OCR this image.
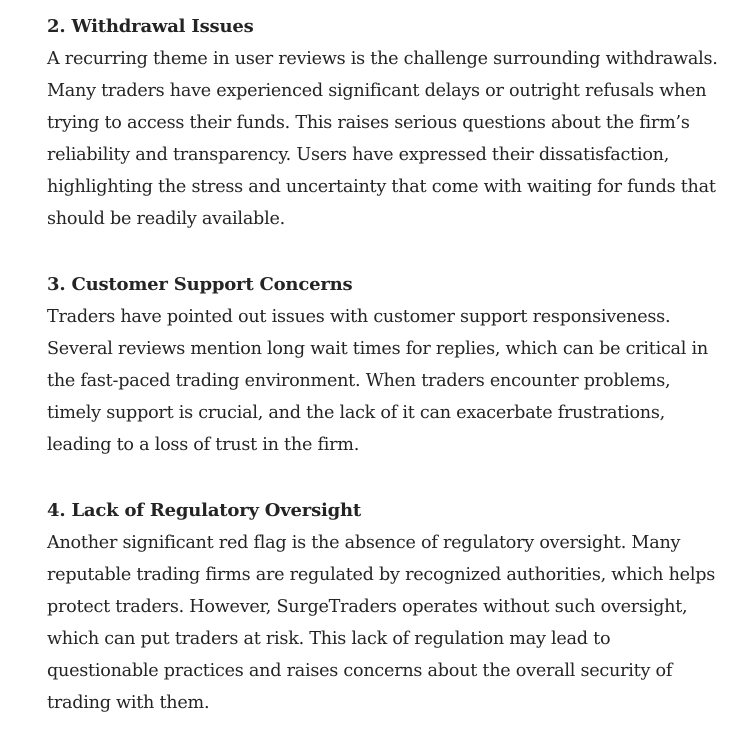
2. Withdrawal Issues

A recurring theme in user reviews is the challenge surrounding withdrawals.
Many traders have experienced significant delays or outright refusals when
trying to access their funds. This raises serious questions about the firm’s
reliability and transparency. Users have expressed their dissatisfaction,
highlighting the stress and uncertainty that come with waiting for funds that
should be readily available.

3. Customer Support Concerns

Traders have pointed out issues with customer support responsiveness.
Several reviews mention long wait times for replies, which can be critical in
the fast-paced trading environment. When traders encounter problems,
timely support is crucial, and the lack of it can exacerbate frustrations,
leading to a loss of trust in the firm.

4. Lack of Regulatory Oversight

Another significant red flag is the absence of regulatory oversight. Many
reputable trading firms are regulated by recognized authorities, which helps
protect traders. However, SurgeTraders operates without such oversight,
which can put traders at risk. This lack of regulation may lead to
questionable practices and raises concerns about the overall security of
trading with them.
